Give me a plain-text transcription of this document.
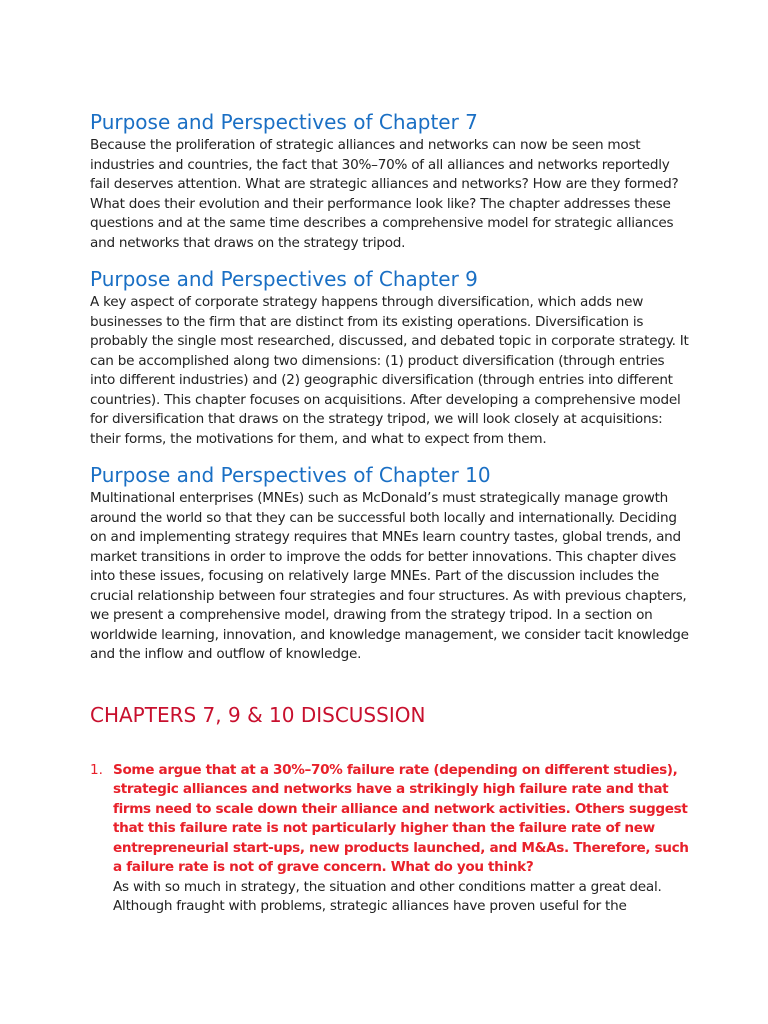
Purpose and Perspectives of Chapter 7

Because the proliferation of strategic alliances and networks can now be seen most industries and countries, the fact that 30%–70% of all alliances and networks reportedly fail deserves attention. What are strategic alliances and networks? How are they formed? What does their evolution and their performance look like? The chapter addresses these questions and at the same time describes a comprehensive model for strategic alliances and networks that draws on the strategy tripod.

Purpose and Perspectives of Chapter 9

A key aspect of corporate strategy happens through diversification, which adds new businesses to the firm that are distinct from its existing operations. Diversification is probably the single most researched, discussed, and debated topic in corporate strategy. It can be accomplished along two dimensions: (1) product diversification (through entries into different industries) and (2) geographic diversification (through entries into different countries). This chapter focuses on acquisitions. After developing a comprehensive model for diversification that draws on the strategy tripod, we will look closely at acquisitions: their forms, the motivations for them, and what to expect from them.

Purpose and Perspectives of Chapter 10

Multinational enterprises (MNEs) such as McDonald’s must strategically manage growth around the world so that they can be successful both locally and internationally. Deciding on and implementing strategy requires that MNEs learn country tastes, global trends, and market transitions in order to improve the odds for better innovations. This chapter dives into these issues, focusing on relatively large MNEs. Part of the discussion includes the crucial relationship between four strategies and four structures. As with previous chapters, we present a comprehensive model, drawing from the strategy tripod. In a section on worldwide learning, innovation, and knowledge management, we consider tacit knowledge and the inflow and outflow of knowledge.

CHAPTERS 7, 9 & 10 DISCUSSION
1. Some argue that at a 30%–70% failure rate (depending on different studies), strategic alliances and networks have a strikingly high failure rate and that firms need to scale down their alliance and network activities. Others suggest that this failure rate is not particularly higher than the failure rate of new entrepreneurial start-ups, new products launched, and M&As. Therefore, such a failure rate is not of grave concern. What do you think?

As with so much in strategy, the situation and other conditions matter a great deal. Although fraught with problems, strategic alliances have proven useful for the
